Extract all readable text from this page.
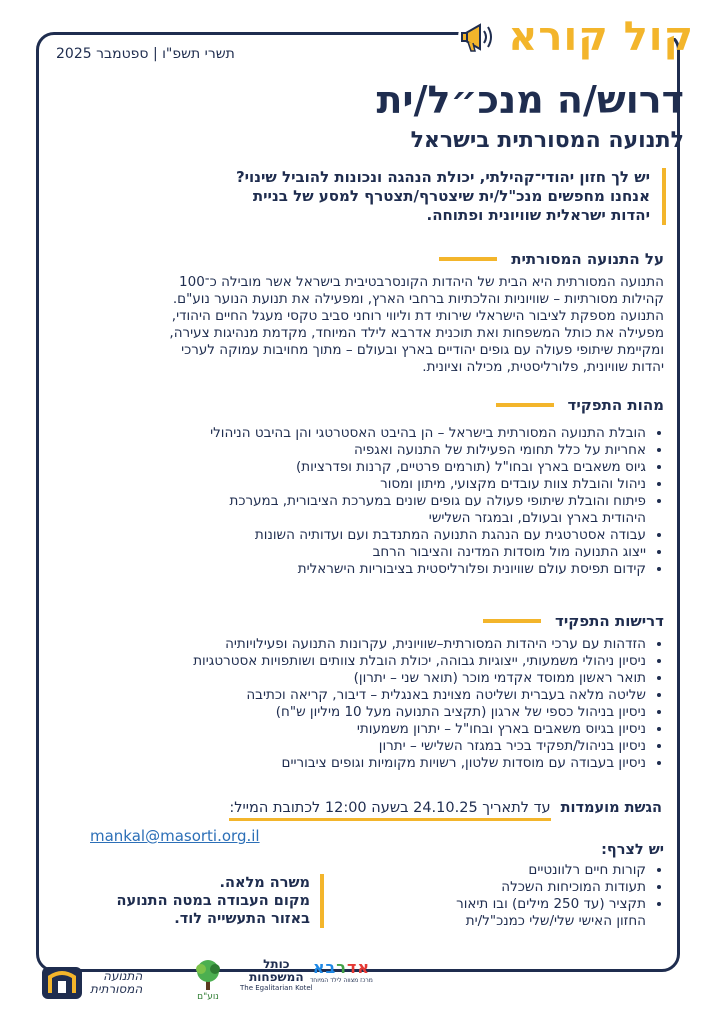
תשרי תשפ"ו | ספטמבר 2025	קול קורא
דרוש/ה מנכ״ל/ית
לתנועה המסורתית בישראל
יש לך חזון יהודי־קהילתי, יכולת הנהגה ונכונות להוביל שינוי?
אנחנו מחפשים מנכ"ל/ית שיצטרף/תצטרף למסע של בניית
יהדות ישראלית שוויונית ופתוחה.
על התנועה המסורתית
התנועה המסורתית היא הבית של היהדות הקונסרבטיבית בישראל אשר מובילה כ־100
קהילות מסורתיות – שוויוניות והלכתיות ברחבי הארץ, ומפעילה את תנועת הנוער נוע"ם.
התנועה מספקת לציבור הישראלי שירותי דת וליווי רוחני סביב טקסי מעגל החיים היהודי,
מפעילה את כותל המשפחות ואת תוכנית אדרבא לילד המיוחד, מקדמת מנהיגות צעירה,
ומקיימת שיתופי פעולה עם גופים יהודיים בארץ ובעולם – מתוך מחויבות עמוקה לערכי
יהדות שוויונית, פלורליסטית, מכילה וציונית.
מהות התפקיד
• הובלת התנועה המסורתית בישראל – הן בהיבט האסטרטגי והן בהיבט הניהולי
• אחריות על כלל תחומי הפעילות של התנועה ואגפיה
• גיוס משאבים בארץ ובחו"ל (תורמים פרטיים, קרנות ופדרציות)
• ניהול והובלת צוות עובדים מקצועי, מיתון ומסור
• פיתוח והובלת שיתופי פעולה עם גופים שונים במערכת הציבורית, במערכת
היהודית בארץ ובעולם, ובמגזר השלישי
• עבודה אסטרטגית עם הנהגת התנועה המתנדבת ועם ועדותיה השונות
• ייצוג התנועה מול מוסדות המדינה והציבור הרחב
• קידום תפיסת עולם שוויונית ופלורליסטית בציבוריות הישראלית
דרישות התפקיד
• הזדהות עם ערכי היהדות המסורתית–שוויונית, עקרונות התנועה ופעילויותיה
• ניסיון ניהולי משמעותי, ייצוגיות גבוהה, יכולת הובלת צוותים ושותפויות אסטרטגיות
• תואר ראשון ממוסד אקדמי מוכר (תואר שני – יתרון)
• שליטה מלאה בעברית ושליטה מצוינת באנגלית – דיבור, קריאה וכתיבה
• ניסיון בניהול כספי של ארגון (תקציב התנועה מעל 10 מיליון ש"ח)
• ניסיון בגיוס משאבים בארץ ובחו"ל – יתרון משמעותי
• ניסיון בניהול/תפקיד בכיר במגזר השלישי – יתרון
• ניסיון בעבודה עם מוסדות שלטון, רשויות מקומיות וגופים ציבוריים
הגשת מועמדות
עד לתאריך 24.10.25 בשעה 12:00 לכתובת המייל:
mankal@masorti.org.il
יש לצרף:
• קורות חיים רלוונטיים
• תעודות המוכיחות השכלה
• תקציר (עד 250 מילים) ובו תיאור החזון האישי שלי/שלי כמנכ"ל/ית
משרה מלאה.
מקום העבודה במטה התנועה
באזור התעשייה לוד.
התנועה
המסורתית
נוע"ם
כותל
המשפחות
The Egalitarian Kotel
אדרבא
מרכז מצווה לילד המיוחד
